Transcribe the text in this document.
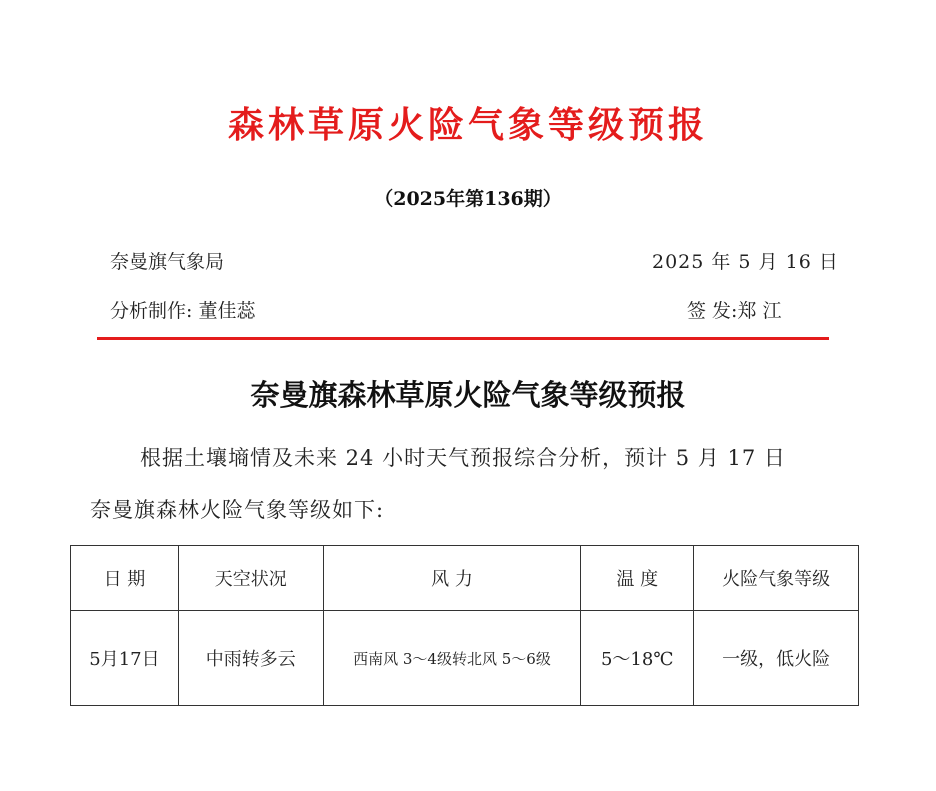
森林草原火险气象等级预报
（2025年第136期）
奈曼旗气象局	2025 年 5 月 16 日
分析制作: 董佳蕊	签 发:郑 江
奈曼旗森林草原火险气象等级预报
根据土壤墒情及未来 24 小时天气预报综合分析，预计 5 月 17 日
奈曼旗森林火险气象等级如下:
日 期	天空状况	风 力	温 度	火险气象等级
5月17日	中雨转多云	西南风 3～4级转北风 5～6级	5～18℃	一级，低火险
